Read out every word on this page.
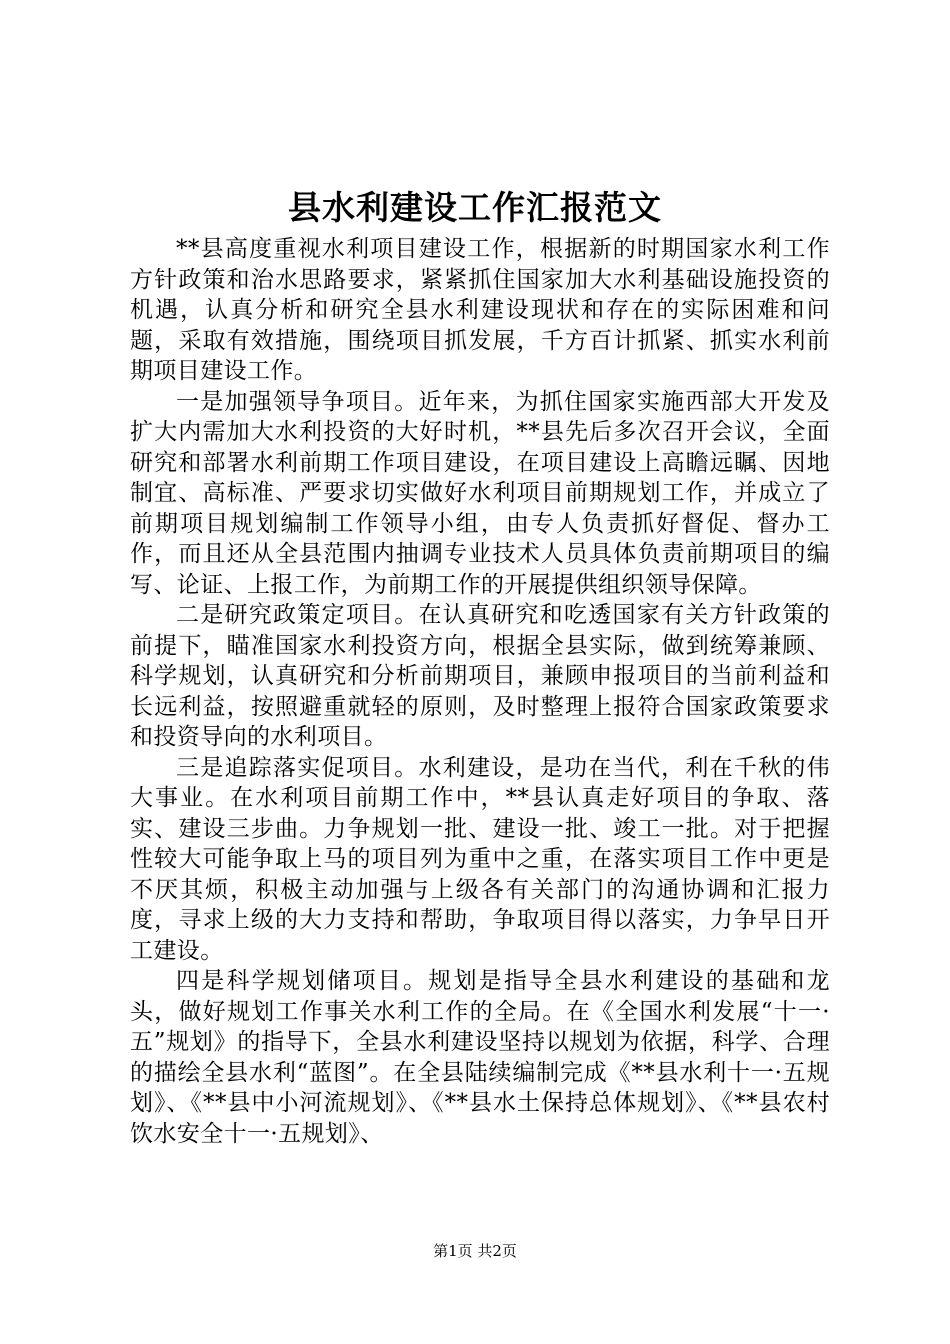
县水利建设工作汇报范文

**县高度重视水利项目建设工作，根据新的时期国家水利工作方针政策和治水思路要求，紧紧抓住国家加大水利基础设施投资的机遇，认真分析和研究全县水利建设现状和存在的实际困难和问题，采取有效措施，围绕项目抓发展，千方百计抓紧、抓实水利前期项目建设工作。

一是加强领导争项目。近年来，为抓住国家实施西部大开发及扩大内需加大水利投资的大好时机，**县先后多次召开会议，全面研究和部署水利前期工作项目建设，在项目建设上高瞻远瞩、因地制宜、高标准、严要求切实做好水利项目前期规划工作，并成立了前期项目规划编制工作领导小组，由专人负责抓好督促、督办工作，而且还从全县范围内抽调专业技术人员具体负责前期项目的编写、论证、上报工作，为前期工作的开展提供组织领导保障。

二是研究政策定项目。在认真研究和吃透国家有关方针政策的前提下，瞄准国家水利投资方向，根据全县实际，做到统筹兼顾、科学规划，认真研究和分析前期项目，兼顾申报项目的当前利益和长远利益，按照避重就轻的原则，及时整理上报符合国家政策要求和投资导向的水利项目。

三是追踪落实促项目。水利建设，是功在当代，利在千秋的伟大事业。在水利项目前期工作中，**县认真走好项目的争取、落实、建设三步曲。力争规划一批、建设一批、竣工一批。对于把握性较大可能争取上马的项目列为重中之重，在落实项目工作中更是不厌其烦，积极主动加强与上级各有关部门的沟通协调和汇报力度，寻求上级的大力支持和帮助，争取项目得以落实，力争早日开工建设。

四是科学规划储项目。规划是指导全县水利建设的基础和龙头，做好规划工作事关水利工作的全局。在《全国水利发展“十一·五”规划》的指导下，全县水利建设坚持以规划为依据，科学、合理的描绘全县水利“蓝图”。在全县陆续编制完成《**县水利十一·五规划》、《**县中小河流规划》、《**县水土保持总体规划》、《**县农村饮水安全十一·五规划》、

第1页 共2页
